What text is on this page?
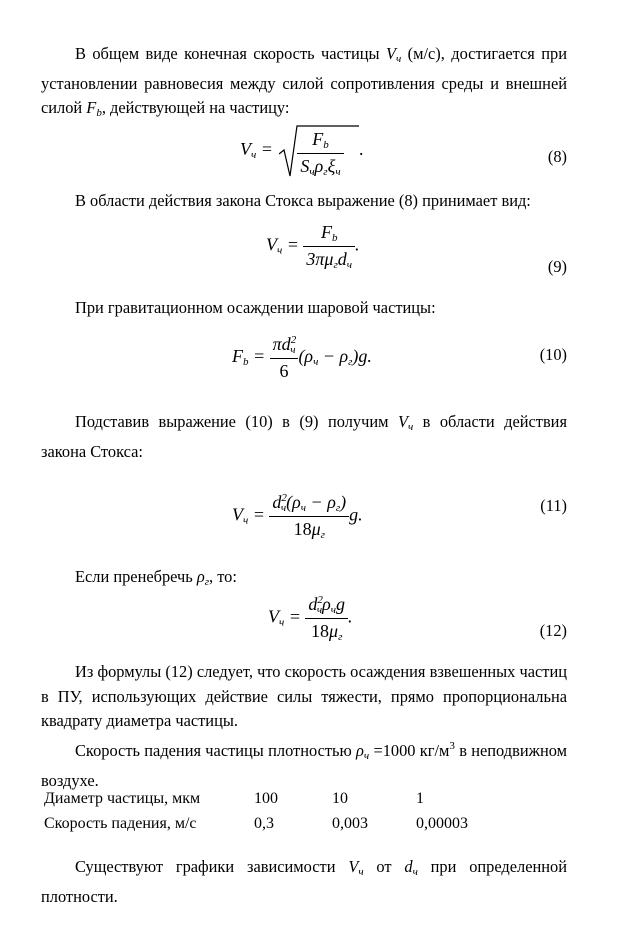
В общем виде конечная скорость частицы $V_ч$ (м/с), достигается при установлении равновесия между силой сопротивления среды и внешней силой $F_b$, действующей на частицу:

$V_ч$ =
$F_b$
$S_ч\rho_г\xi_ч$
.	(8)

В области действия закона Стокса выражение (8) принимает вид:

$V_ч = \frac{F_b}{3\pi\mu_гd_ч}$ .
(9)

При гравитационном осаждении шаровой частицы:

$F_b = \frac{\pi d^2_ч}{6} (\rho_ч - \rho_г)g$.	(10)

Подставив выражение (10) в (9) получим $V_ч$ в области действия закона Стокса:

$V_ч = \frac{d^2_ч(\rho_ч - \rho_г)}{18\mu_г} g$.	(11)

Если пренебречь $\rho_г$, то:

$V_ч = \frac{d^2_ч\rho_чg}{18\mu_г}$ .
(12)

Из формулы (12) следует, что скорость осаждения взвешенных частиц в ПУ, использующих действие силы тяжести, прямо пропорциональна квадрату диаметра частицы.

Скорость падения частицы плотностью $\rho_ч =1000$ $кг/м^3$ в неподвижном воздухе.

Диаметр частицы, мкм	100	10	1
Скорость падения, м/с	0,3	0,003	0,00003

Существуют графики зависимости $V_ч$ от $d_ч$ при определенной плотности.
